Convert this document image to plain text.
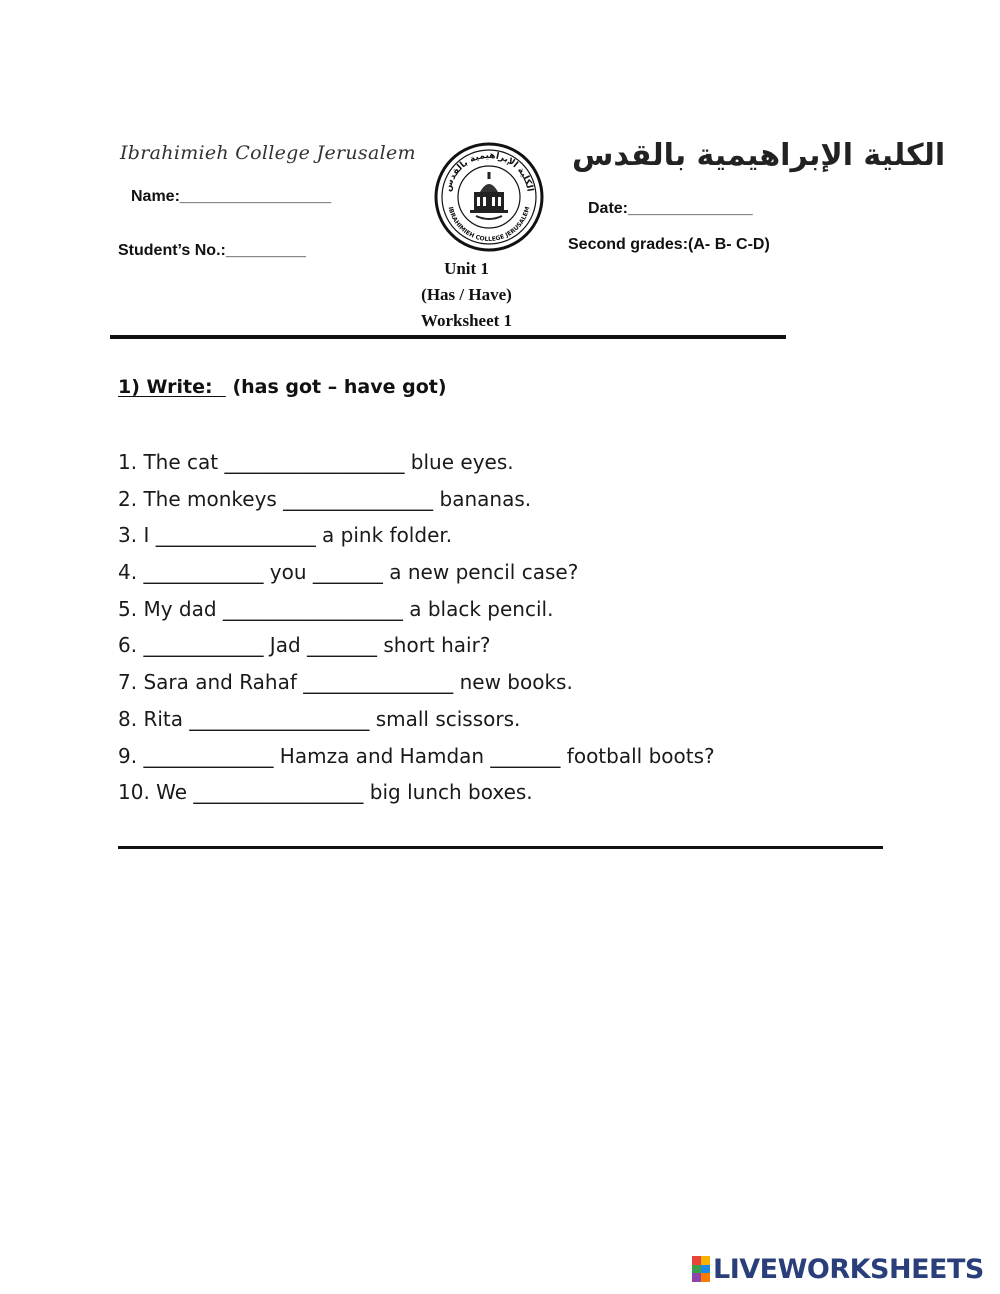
Ibrahimieh College Jerusalem	الكلية الإبراهيمية بالقدس
Name:_________________
Student’s No.:_________
Date:______________
Second grades:(A- B- C-D)
الكلية الإبراهيمية بالقدس
IBRAHIMIEH COLLEGE JERUSALEM
Unit 1
(Has / Have)
Worksheet 1
1) Write:   (has got – have got)
1. The cat __________________ blue eyes.
2. The monkeys _______________ bananas.
3. I ________________ a pink folder.
4. ____________ you _______ a new pencil case?
5. My dad __________________ a black pencil.
6. ____________ Jad _______ short hair?
7. Sara and Rahaf _______________ new books.
8. Rita __________________ small scissors.
9. _____________ Hamza and Hamdan _______ football boots?
10. We _________________ big lunch boxes.
LIVEWORKSHEETS
